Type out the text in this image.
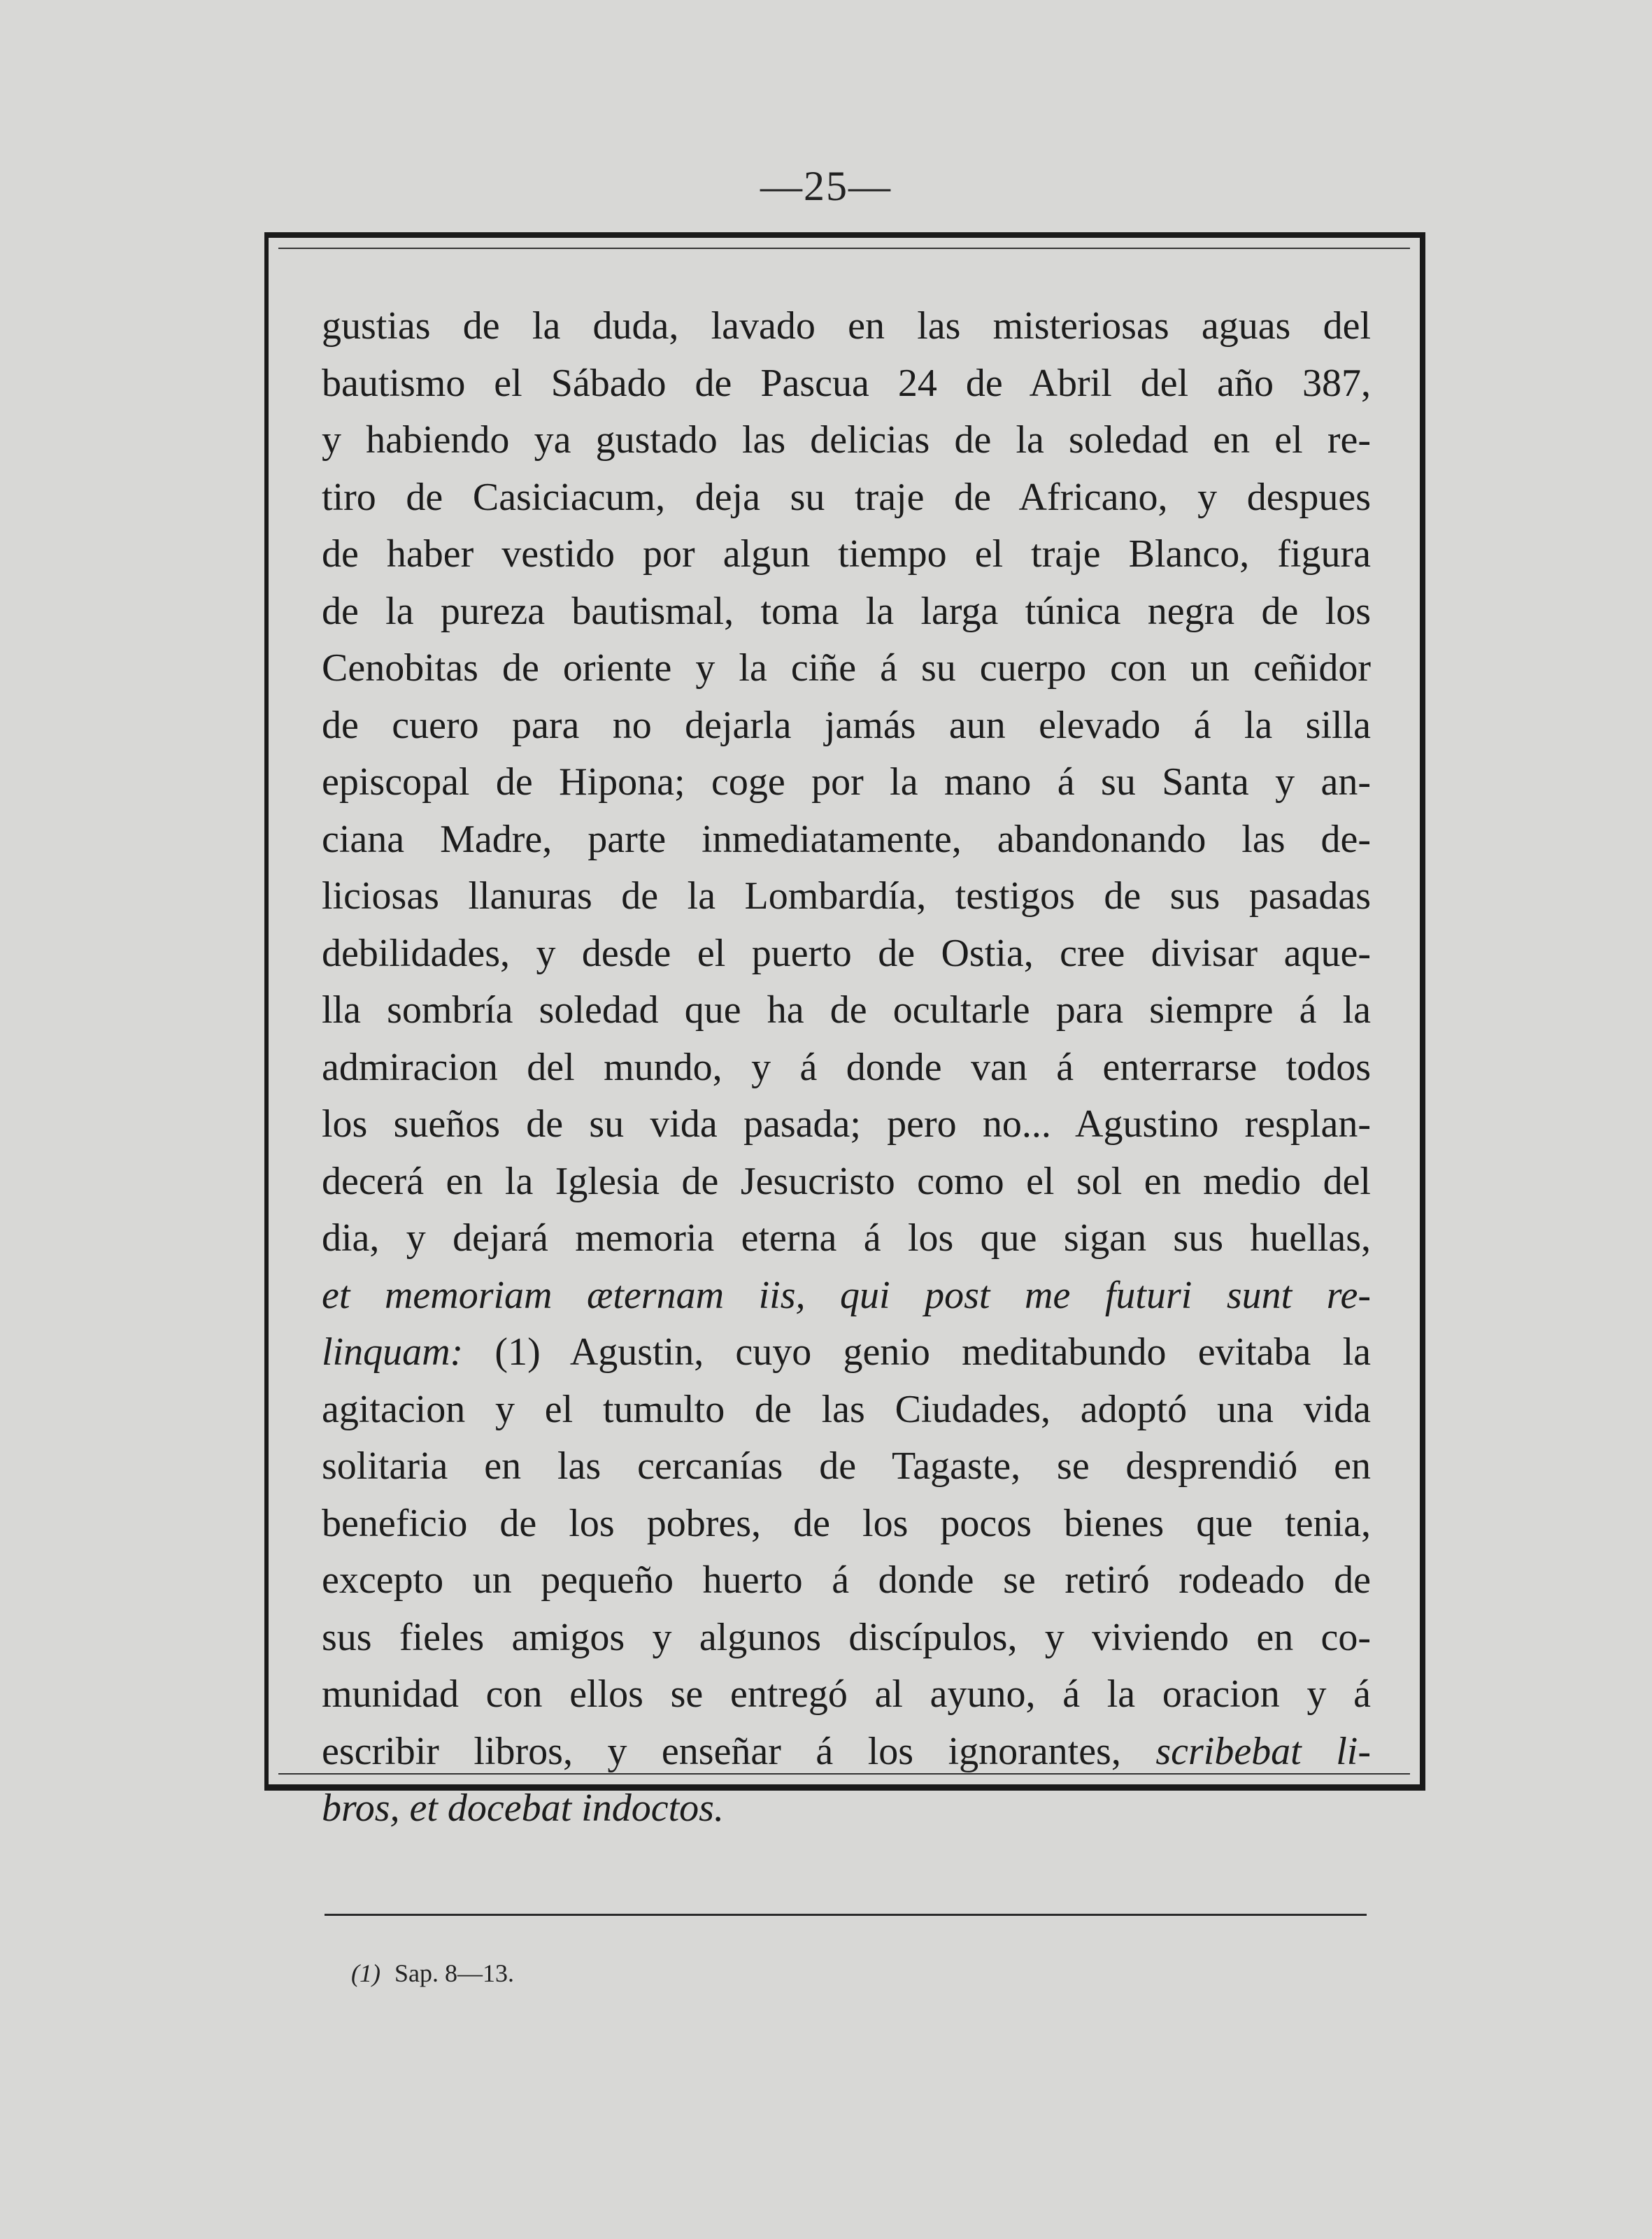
—25—
gustias de la duda, lavado en las misteriosas aguas del
bautismo el Sábado de Pascua 24 de Abril del año 387,
y habiendo ya gustado las delicias de la soledad en el re-
tiro de Casiciacum, deja su traje de Africano, y despues
de haber vestido por algun tiempo el traje Blanco, figura
de la pureza bautismal, toma la larga túnica negra de los
Cenobitas de oriente y la ciñe á su cuerpo con un ceñidor
de cuero para no dejarla jamás aun elevado á la silla
episcopal de Hipona; coge por la mano á su Santa y an-
ciana Madre, parte inmediatamente, abandonando las de-
liciosas llanuras de la Lombardía, testigos de sus pasadas
debilidades, y desde el puerto de Ostia, cree divisar aque-
lla sombría soledad que ha de ocultarle para siempre á la
admiracion del mundo, y á donde van á enterrarse todos
los sueños de su vida pasada; pero no... Agustino resplan-
decerá en la Iglesia de Jesucristo como el sol en medio del
dia, y dejará memoria eterna á los que sigan sus huellas,
et memoriam æternam iis, qui post me futuri sunt re-
linquam: (1) Agustin, cuyo genio meditabundo evitaba la
agitacion y el tumulto de las Ciudades, adoptó una vida
solitaria en las cercanías de Tagaste, se desprendió en
beneficio de los pobres, de los pocos bienes que tenia,
excepto un pequeño huerto á donde se retiró rodeado de
sus fieles amigos y algunos discípulos, y viviendo en co-
munidad con ellos se entregó al ayuno, á la oracion y á
escribir libros, y enseñar á los ignorantes, scribebat li-
bros, et docebat indoctos.
(1) Sap. 8—13.
